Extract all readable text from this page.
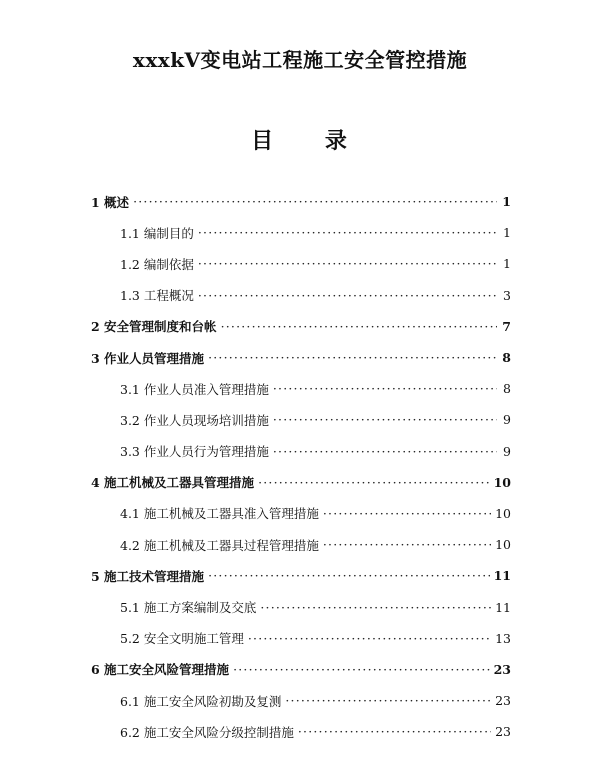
xxxkV变电站工程施工安全管控措施
目 录
1 概述 ·····	1
1.1 编制目的 ·····	1
1.2 编制依据 ·····	1
1.3 工程概况 ·····	3
2 安全管理制度和台帐 ·····	7
3 作业人员管理措施 ·····	8
3.1 作业人员准入管理措施 ·····	8
3.2 作业人员现场培训措施 ·····	9
3.3 作业人员行为管理措施 ·····	9
4 施工机械及工器具管理措施 ·····	10
4.1 施工机械及工器具准入管理措施 ·····	10
4.2 施工机械及工器具过程管理措施 ·····	10
5 施工技术管理措施 ·····	11
5.1 施工方案编制及交底 ·····	11
5.2 安全文明施工管理 ·····	13
6 施工安全风险管理措施 ·····	23
6.1 施工安全风险初勘及复测 ·····	23
6.2 施工安全风险分级控制措施 ·····	23
